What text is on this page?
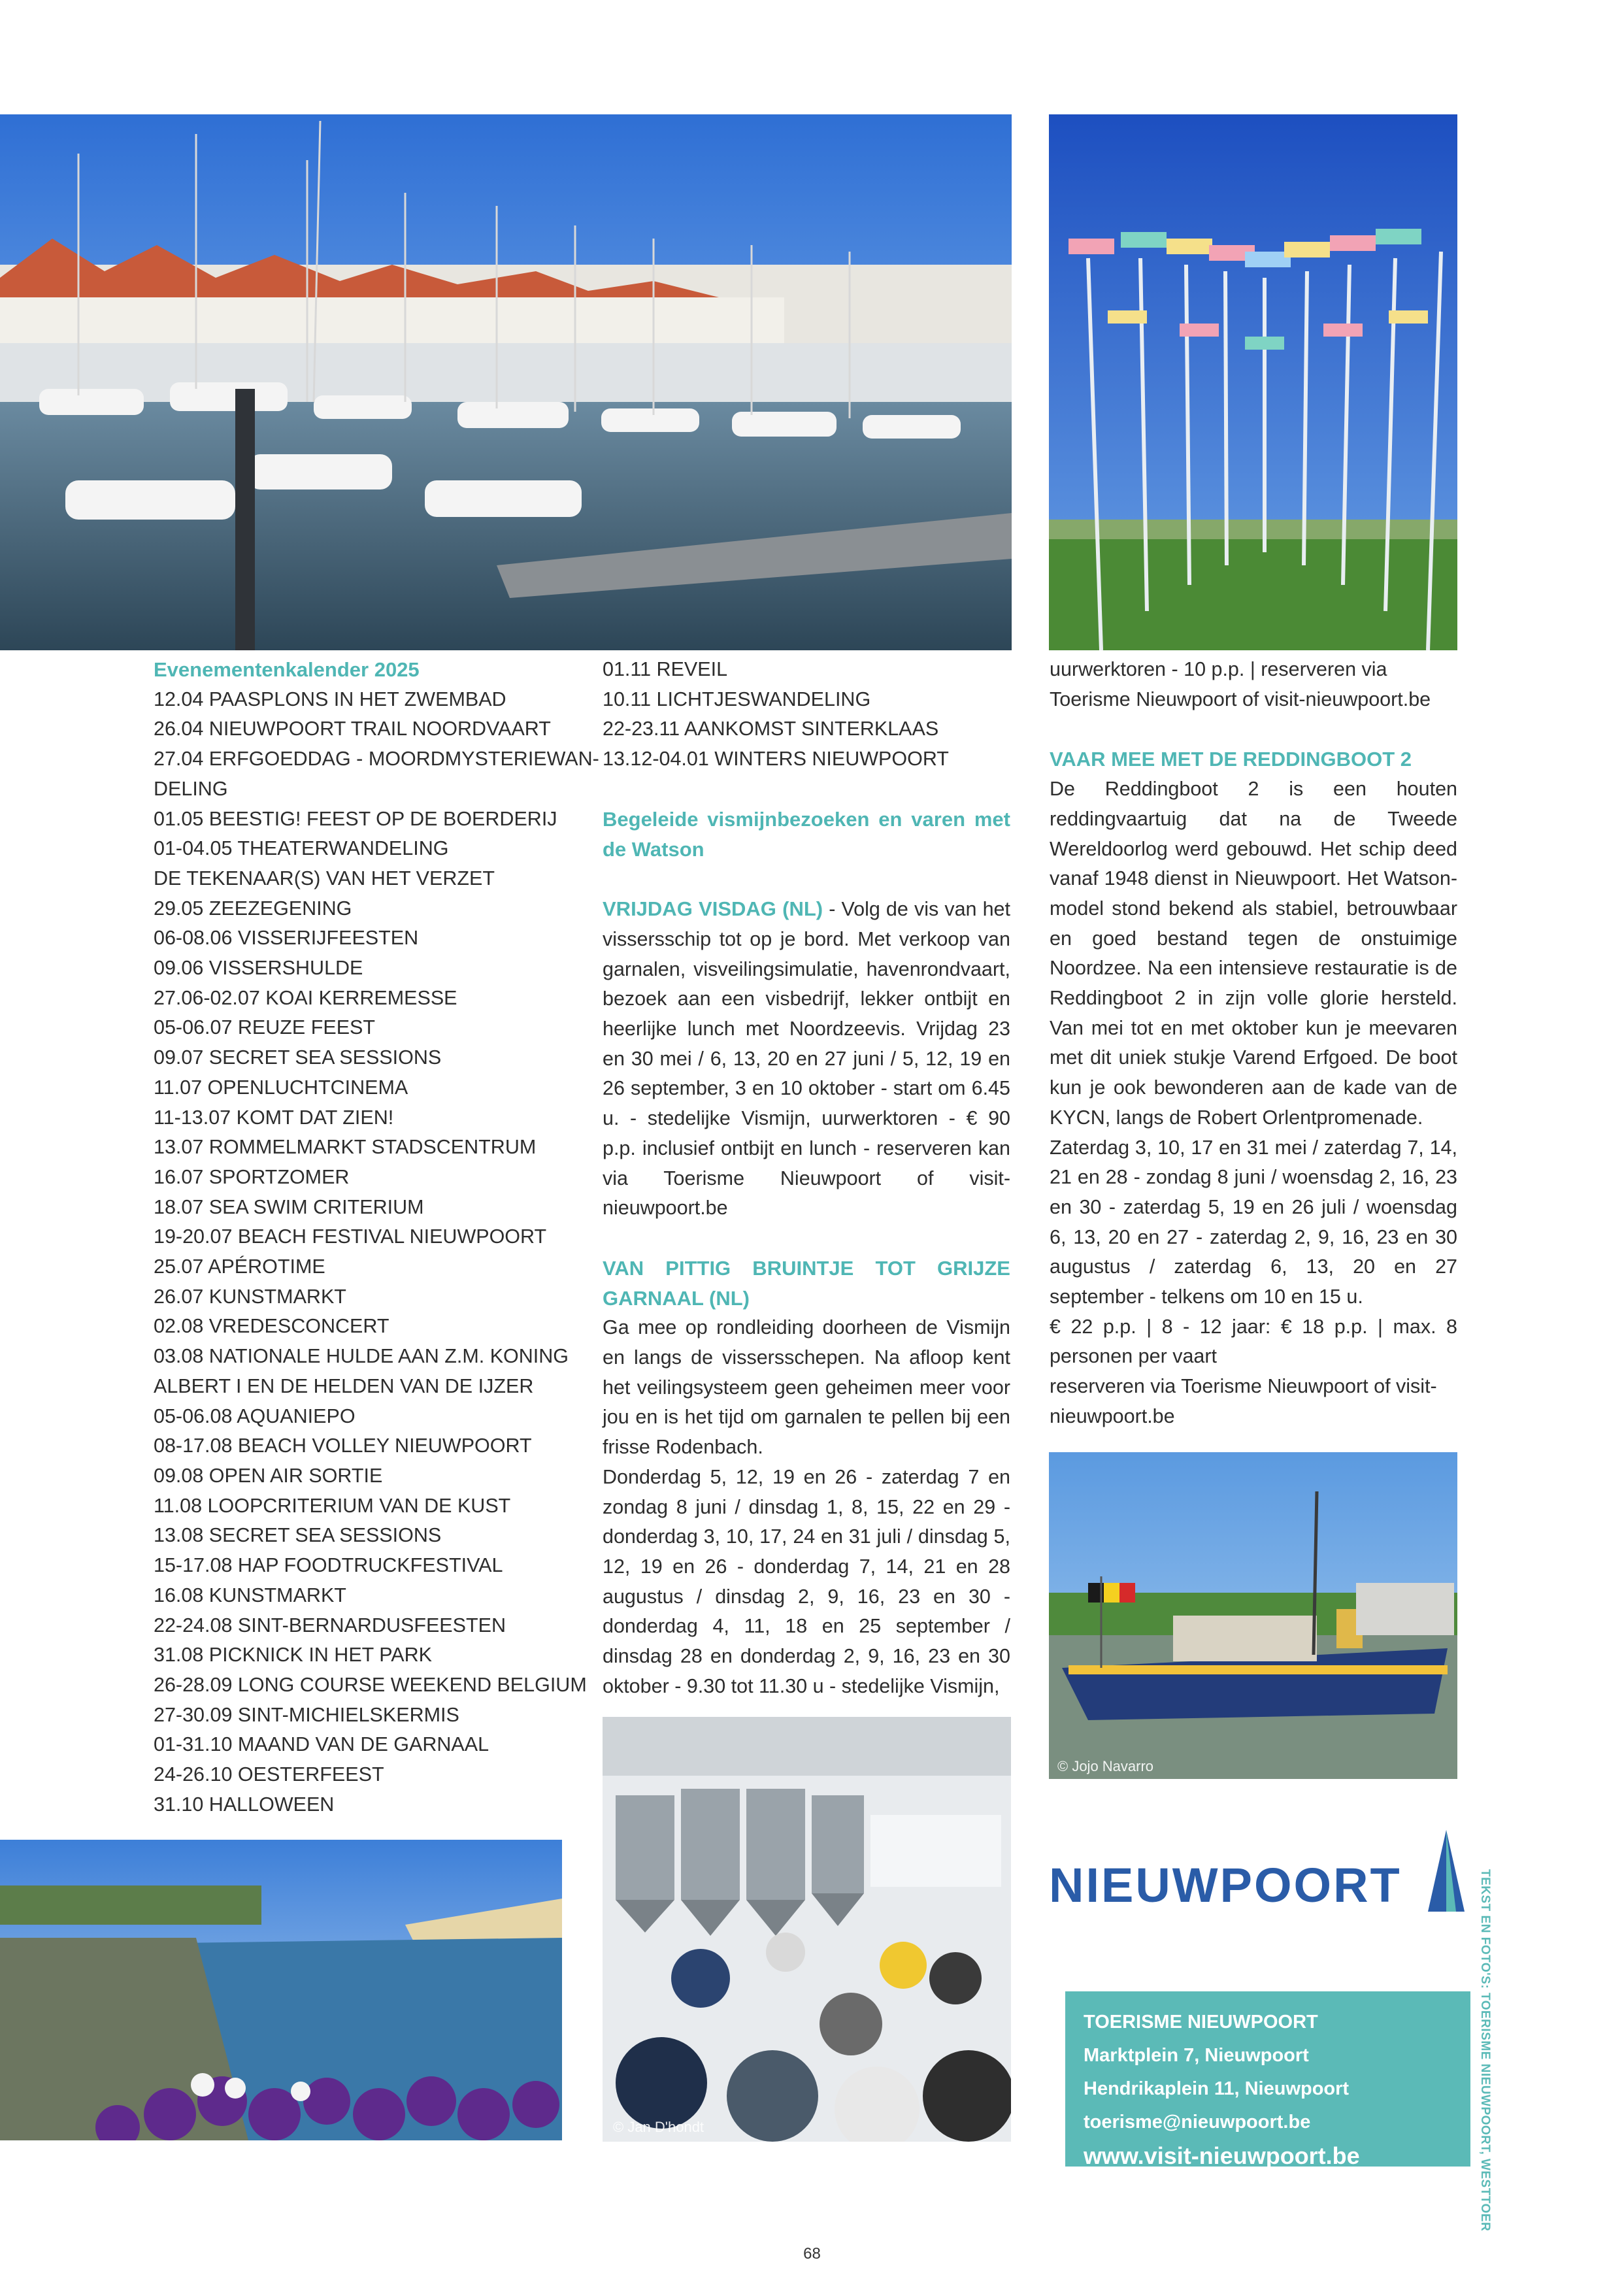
Evenementenkalender 2025
12.04 PAASPLONS IN HET ZWEMBAD
26.04 NIEUWPOORT TRAIL NOORDVAART
27.04 ERFGOEDDAG - MOORDMYSTERIEWAN-
DELING
01.05 BEESTIG! FEEST OP DE BOERDERIJ
01-04.05 THEATERWANDELING
DE TEKENAAR(S) VAN HET VERZET
29.05 ZEEZEGENING
06-08.06 VISSERIJFEESTEN
09.06 VISSERSHULDE
27.06-02.07 KOAI KERREMESSE
05-06.07 REUZE FEEST
09.07 SECRET SEA SESSIONS
11.07 OPENLUCHTCINEMA
11-13.07 KOMT DAT ZIEN!
13.07 ROMMELMARKT STADSCENTRUM
16.07 SPORTZOMER
18.07 SEA SWIM CRITERIUM
19-20.07 BEACH FESTIVAL NIEUWPOORT
25.07 APÉROTIME
26.07 KUNSTMARKT
02.08 VREDESCONCERT
03.08 NATIONALE HULDE AAN Z.M. KONING
ALBERT I EN DE HELDEN VAN DE IJZER
05-06.08 AQUANIEPO
08-17.08 BEACH VOLLEY NIEUWPOORT
09.08 OPEN AIR SORTIE
11.08 LOOPCRITERIUM VAN DE KUST
13.08 SECRET SEA SESSIONS
15-17.08 HAP FOODTRUCKFESTIVAL
16.08 KUNSTMARKT
22-24.08 SINT-BERNARDUSFEESTEN
31.08 PICKNICK IN HET PARK
26-28.09 LONG COURSE WEEKEND BELGIUM
27-30.09 SINT-MICHIELSKERMIS
01-31.10 MAAND VAN DE GARNAAL
24-26.10 OESTERFEEST
31.10 HALLOWEEN
01.11 REVEIL
10.11 LICHTJESWANDELING
22-23.11 AANKOMST SINTERKLAAS
13.12-04.01 WINTERS NIEUWPOORT

Begeleide vismijnbezoeken en varen met de Watson

VRIJDAG VISDAG (NL) - Volg de vis van het vissersschip tot op je bord. Met verkoop van garnalen, visveilingsimulatie, havenrondvaart, bezoek aan een visbedrijf, lekker ontbijt en heerlijke lunch met Noordzeevis. Vrijdag 23 en 30 mei / 6, 13, 20 en 27 juni / 5, 12, 19 en 26 september, 3 en 10 oktober - start om 6.45 u. - stedelijke Vismijn, uurwerktoren - € 90 p.p. inclusief ontbijt en lunch - reserveren kan via Toerisme Nieuwpoort of visit-nieuwpoort.be

VAN PITTIG BRUINTJE TOT GRIJZE GARNAAL (NL)

Ga mee op rondleiding doorheen de Vismijn en langs de vissersschepen. Na afloop kent het veilingsysteem geen geheimen meer voor jou en is het tijd om garnalen te pellen bij een frisse Rodenbach.

Donderdag 5, 12, 19 en 26 - zaterdag 7 en zondag 8 juni / dinsdag 1, 8, 15, 22 en 29 - donderdag 3, 10, 17, 24 en 31 juli / dinsdag 5, 12, 19 en 26 - donderdag 7, 14, 21 en 28 augustus / dinsdag 2, 9, 16, 23 en 30 - donderdag 4, 11, 18 en 25 september / dinsdag 28 en donderdag 2, 9, 16, 23 en 30 oktober - 9.30 tot 11.30 u - stedelijke Vismijn,

uurwerktoren - 10 p.p. | reserveren via Toerisme Nieuwpoort of visit-nieuwpoort.be

VAAR MEE MET DE REDDINGBOOT 2

De Reddingboot 2 is een houten reddingvaartuig dat na de Tweede Wereldoorlog werd gebouwd. Het schip deed vanaf 1948 dienst in Nieuwpoort. Het Watson-model stond bekend als stabiel, betrouwbaar en goed bestand tegen de onstuimige Noordzee. Na een intensieve restauratie is de Reddingboot 2 in zijn volle glorie hersteld. Van mei tot en met oktober kun je meevaren met dit uniek stukje Varend Erfgoed. De boot kun je ook bewonderen aan de kade van de KYCN, langs de Robert Orlentpromenade.

Zaterdag 3, 10, 17 en 31 mei / zaterdag 7, 14, 21 en 28 - zondag 8 juni / woensdag 2, 16, 23 en 30 - zaterdag 5, 19 en 26 juli / woensdag 6, 13, 20 en 27 - zaterdag 2, 9, 16, 23 en 30 augustus / zaterdag 6, 13, 20 en 27 september - telkens om 10 en 15 u.

€ 22 p.p. | 8 - 12 jaar: € 18 p.p. | max. 8 personen per vaart

reserveren via Toerisme Nieuwpoort of visit-nieuwpoort.be

© Jojo Navarro
© Jan D'hondt
NIEUWPOORT
TOERISME NIEUWPOORT
Marktplein 7, Nieuwpoort
Hendrikaplein 11, Nieuwpoort
toerisme@nieuwpoort.be
www.visit-nieuwpoort.be	TEKST EN FOTO'S: TOERISME NIEUWPOORT, WESTTOER
68
